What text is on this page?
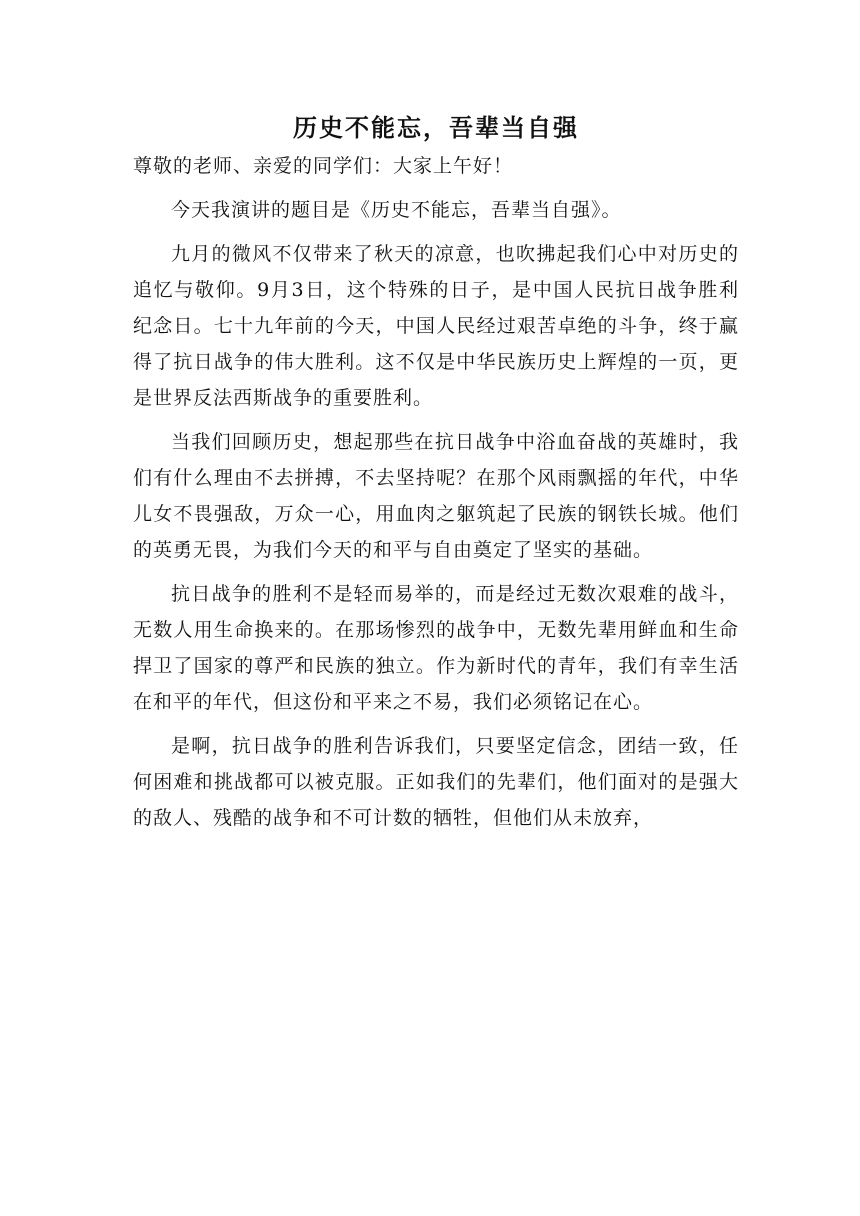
历史不能忘，吾辈当自强

尊敬的老师、亲爱的同学们：大家上午好！

今天我演讲的题目是《历史不能忘，吾辈当自强》。

九月的微风不仅带来了秋天的凉意，也吹拂起我们心中对历史的追忆与敬仰。9月3日，这个特殊的日子，是中国人民抗日战争胜利纪念日。七十九年前的今天，中国人民经过艰苦卓绝的斗争，终于赢得了抗日战争的伟大胜利。这不仅是中华民族历史上辉煌的一页，更是世界反法西斯战争的重要胜利。

当我们回顾历史，想起那些在抗日战争中浴血奋战的英雄时，我们有什么理由不去拼搏，不去坚持呢？在那个风雨飘摇的年代，中华儿女不畏强敌，万众一心，用血肉之躯筑起了民族的钢铁长城。他们的英勇无畏，为我们今天的和平与自由奠定了坚实的基础。

抗日战争的胜利不是轻而易举的，而是经过无数次艰难的战斗，无数人用生命换来的。在那场惨烈的战争中，无数先辈用鲜血和生命捍卫了国家的尊严和民族的独立。作为新时代的青年，我们有幸生活在和平的年代，但这份和平来之不易，我们必须铭记在心。

是啊，抗日战争的胜利告诉我们，只要坚定信念，团结一致，任何困难和挑战都可以被克服。正如我们的先辈们，他们面对的是强大的敌人、残酷的战争和不可计数的牺牲，但他们从未放弃，
